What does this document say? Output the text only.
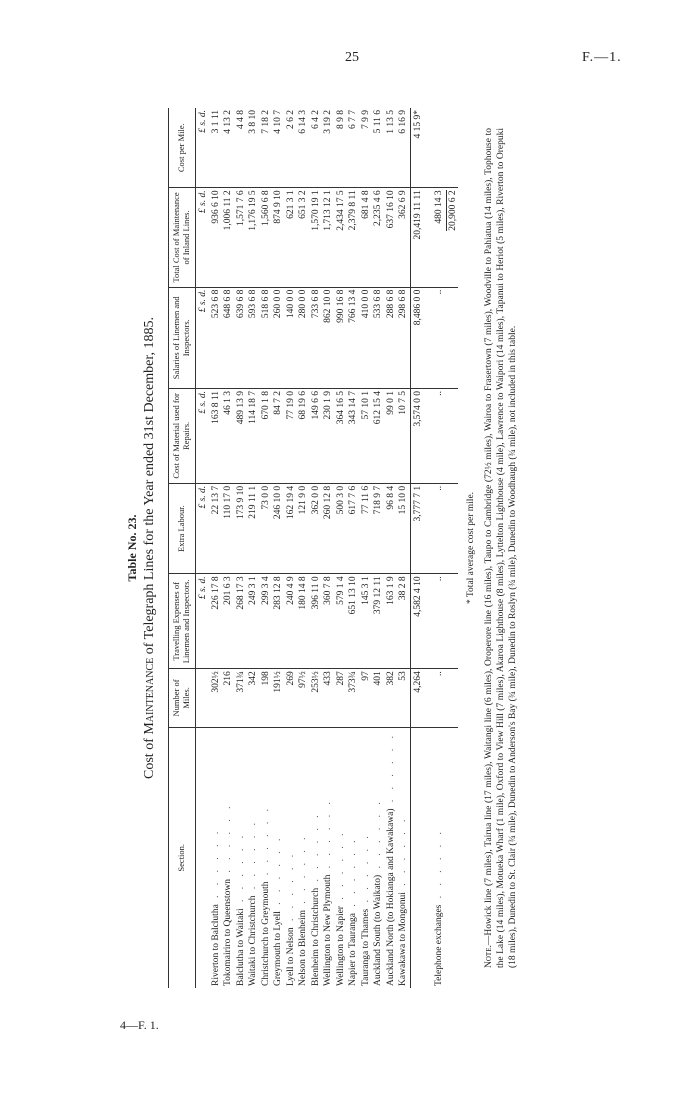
25	F.—1.
4—F. 1.
Table No. 23.
Cost of Maintenance of Telegraph Lines for the Year ended 31st December, 1885.
Section.	Number of Miles.	Travelling Expenses of Linemen and Inspectors.	Extra Labour.	Cost of Material used for Repairs.	Salaries of Linemen and Inspectors.	Total Cost of Maintenance of Inland Lines.	Cost per Mile.
		£ s. d.	£ s. d.	£ s. d.	£ s. d.	£ s. d.	£ s. d.
Riverton to Balclutha . . . . . .	302½	226 17 8	22 13 7	163 8 11	523 6 8	936 6 10	3 1 11
Tokomairiro to Queenstown . . . . . .	216	201 6 3	110 17 0	46 1 3	648 6 8	1,006 11 2	4 13 2
Balclutha to Waitaki . . . . . .	371¾	268 17 3	173 9 10	489 13 9	639 6 8	1,571 7 6	4 4 8
Waitaki to Christchurch . . . . . .	342	249 3 1	219 11 1	114 18 7	593 6 8	1,176 19 5	3 8 10
Christchurch to Greymouth . . . . . .	198	299 3 4	73 0 0	670 1 8	518 6 8	1,560 6 8	7 18 2
Greymouth to Lyell . . . . . .	191½	283 12 8	246 10 0	84 7 2	260 0 0	874 9 10	4 10 7
Lyell to Nelson . . . . . .	269	240 4 9	162 19 4	77 19 0	140 0 0	621 3 1	2 6 2
Nelson to Blenheim . . . . . .	97½	180 14 8	121 9 0	68 19 6	280 0 0	651 3 2	6 14 3
Blenheim to Christchurch . . . . . .	253½	396 11 0	362 0 0	149 6 6	733 6 8	1,570 19 1	6 4 2
Wellington to New Plymouth . . . . . .	433	360 7 8	260 12 8	230 1 9	862 10 0	1,713 12 1	3 19 2
Wellington to Napier . . . . . .	287	579 1 4	500 3 0	364 16 5	990 16 8	2,434 17 5	8 9 8
Napier to Tauranga . . . . . .	373¾	651 13 10	617 7 6	343 14 7	766 13 4	2,379 8 11	6 7 7
Tauranga to Thames . . . . . .	97	145 3 1	77 11 6	57 10 1	410 0 0	681 4 8	7 9 9
Auckland South (to Waikato) . . . . . .	401	379 12 11	718 9 7	612 15 4	533 6 8	2,235 4 6	5 11 6
Auckland North (to Hokianga and Kawakawa) . . . . . .	382	163 1 9	96 8 4	99 0 1	288 6 8	637 16 10	1 13 5
Kawakawa to Mongonui . . . . . .	53	38 2 8	15 10 0	10 7 5	298 6 8	362 6 9	6 16 9
	4,264	4,582 4 10	3,777 7 1	3,574 0 0	8,486 0 0	20,419 11 11	4 15 9*

Telephone exchanges . . . . . .	..	..	..	..	..	480 14 3	
						20,900 6 2	
* Total average cost per mile.
Note.—Howick line (7 miles), Tairua line (17 miles), Waitangi line (6 miles), Oroperore line (16 miles), Taupo to Cambridge (72½ miles), Wairoa to Frasertown (7 miles), Woodville to Pahiatua (14 miles), Tophouse to the Lake (14 miles), Motueka Wharf (1 mile), Oxford to View Hill (7 miles), Akaroa Lighthouse (8 miles), Lyttelton Lighthouse (4 mile), Lawrence to Waipori (14 miles), Tapanui to Heriot (5 miles), Riverton to Orepuki (18 miles), Dunedin to St. Clair (¾ mile), Dunedin to Anderson's Bay (¾ mile), Dunedin to Roslyn (¾ mile), Dunedin to Woodhaugh (¾ mile), not included in this table.
